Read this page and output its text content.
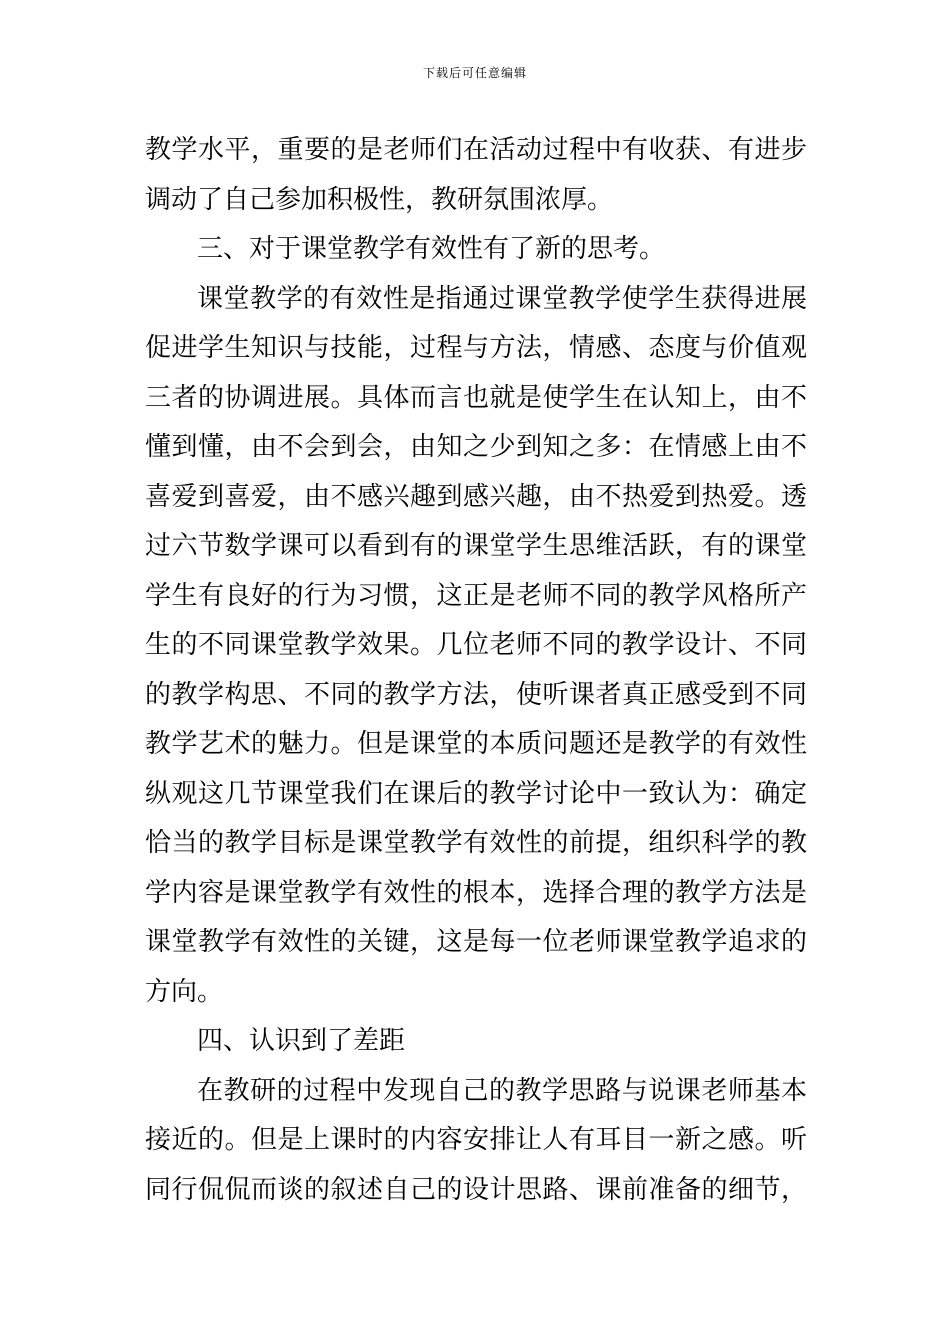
下载后可任意编辑
教学水平，重要的是老师们在活动过程中有收获、有进步
调动了自己参加积极性，教研氛围浓厚。
三、对于课堂教学有效性有了新的思考。
课堂教学的有效性是指通过课堂教学使学生获得进展
促进学生知识与技能，过程与方法，情感、态度与价值观
三者的协调进展。具体而言也就是使学生在认知上，由不
懂到懂，由不会到会，由知之少到知之多：在情感上由不
喜爱到喜爱，由不感兴趣到感兴趣，由不热爱到热爱。透
过六节数学课可以看到有的课堂学生思维活跃，有的课堂
学生有良好的行为习惯，这正是老师不同的教学风格所产
生的不同课堂教学效果。几位老师不同的教学设计、不同
的教学构思、不同的教学方法，使听课者真正感受到不同
教学艺术的魅力。但是课堂的本质问题还是教学的有效性
纵观这几节课堂我们在课后的教学讨论中一致认为：确定
恰当的教学目标是课堂教学有效性的前提，组织科学的教
学内容是课堂教学有效性的根本，选择合理的教学方法是
课堂教学有效性的关键，这是每一位老师课堂教学追求的
方向。
四、认识到了差距
在教研的过程中发现自己的教学思路与说课老师基本
接近的。但是上课时的内容安排让人有耳目一新之感。听
同行侃侃而谈的叙述自己的设计思路、课前准备的细节，
